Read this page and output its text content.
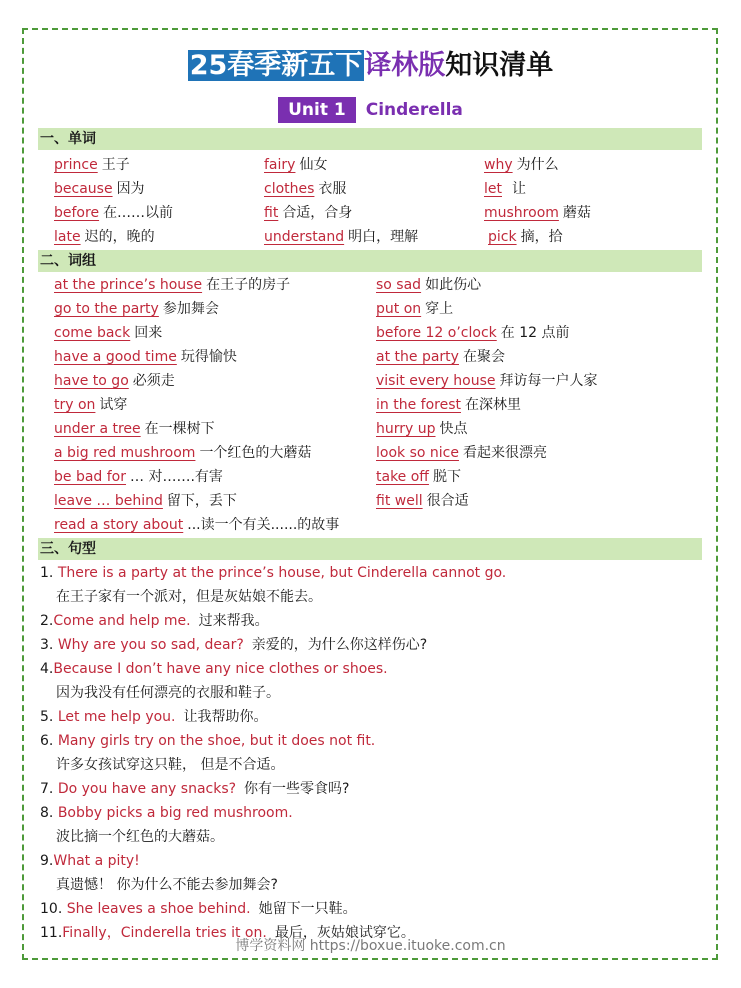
25春季新五下译林版知识清单
Unit 1 Cinderella
一、单词
prince 王子	fairy 仙女	why 为什么
because 因为	clothes 衣服	let 让
before 在……以前	fit 合适，合身	mushroom 蘑菇
late 迟的，晚的	understand 明白，理解	pick 摘，拾
二、词组
at the prince’s house 在王子的房子	so sad 如此伤心
go to the party 参加舞会	put on 穿上
come back 回来	before 12 o’clock 在 12 点前
have a good time 玩得愉快	at the party 在聚会
have to go 必须走	visit every house 拜访每一户人家
try on 试穿	in the forest 在深林里
under a tree 在一棵树下	hurry up 快点
a big red mushroom 一个红色的大蘑菇	look so nice 看起来很漂亮
be bad for … 对…….有害	take off 脱下
leave … behind 留下，丢下	fit well 很合适
read a story about ...读一个有关......的故事
三、句型
1. There is a party at the prince’s house, but Cinderella cannot go.
在王子家有一个派对，但是灰姑娘不能去。
2.Come and help me. 过来帮我。
3. Why are you so sad, dear? 亲爱的，为什么你这样伤心?
4.Because I don’t have any nice clothes or shoes.
因为我没有任何漂亮的衣服和鞋子。
5. Let me help you. 让我帮助你。
6. Many girls try on the shoe, but it does not fit.
许多女孩试穿这只鞋， 但是不合适。
7. Do you have any snacks? 你有一些零食吗?
8. Bobby picks a big red mushroom.
波比摘一个红色的大蘑菇。
9.What a pity!
真遗憾！ 你为什么不能去参加舞会?
10. She leaves a shoe behind. 她留下一只鞋。
11.Finally，Cinderella tries it on. 最后，灰姑娘试穿它。
博学资料网 https://boxue.ituoke.com.cn
